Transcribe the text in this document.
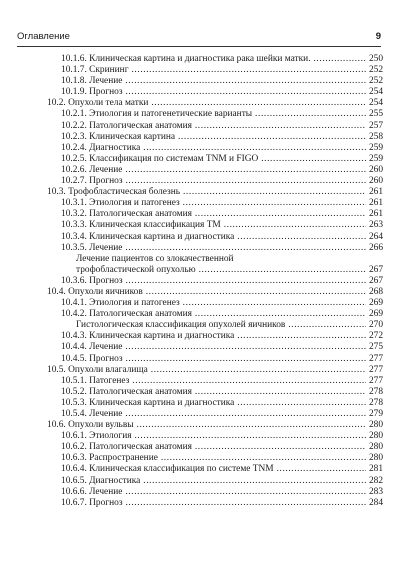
Оглавление	9
10.1.6. Клиническая картина и диагностика рака шейки матки. .....	250
10.1.7. Скрининг .....	252
10.1.8. Лечение .....	252
10.1.9. Прогноз .....	254
10.2. Опухоли тела матки .....	254
10.2.1. Этиология и патогенетические варианты .....	255
10.2.2. Патологическая анатомия .....	257
10.2.3. Клиническая картина .....	258
10.2.4. Диагностика .....	259
10.2.5. Классификация по системам TNM и FIGO .....	259
10.2.6. Лечение .....	260
10.2.7. Прогноз .....	260
10.3. Трофобластическая болезнь .....	261
10.3.1. Этиология и патогенез .....	261
10.3.2. Патологическая анатомия .....	261
10.3.3. Клиническая классификация TM .....	263
10.3.4. Клиническая картина и диагностика .....	264
10.3.5. Лечение .....	266
Лечение пациентов со злокачественной
трофобластической опухолью .....	267
10.3.6. Прогноз .....	267
10.4. Опухоли яичников .....	268
10.4.1. Этиология и патогенез .....	269
10.4.2. Патологическая анатомия .....	269
Гистологическая классификация опухолей яичников .....	270
10.4.3. Клиническая картина и диагностика .....	272
10.4.4. Лечение .....	275
10.4.5. Прогноз .....	277
10.5. Опухоли влагалища .....	277
10.5.1. Патогенез .....	277
10.5.2. Патологическая анатомия .....	278
10.5.3. Клиническая картина и диагностика .....	278
10.5.4. Лечение .....	279
10.6. Опухоли вульвы .....	280
10.6.1. Этиология .....	280
10.6.2. Патологическая анатомия .....	280
10.6.3. Распространение .....	280
10.6.4. Клиническая классификация по системе TNM .....	281
10.6.5. Диагностика .....	282
10.6.6. Лечение .....	283
10.6.7. Прогноз .....	284
